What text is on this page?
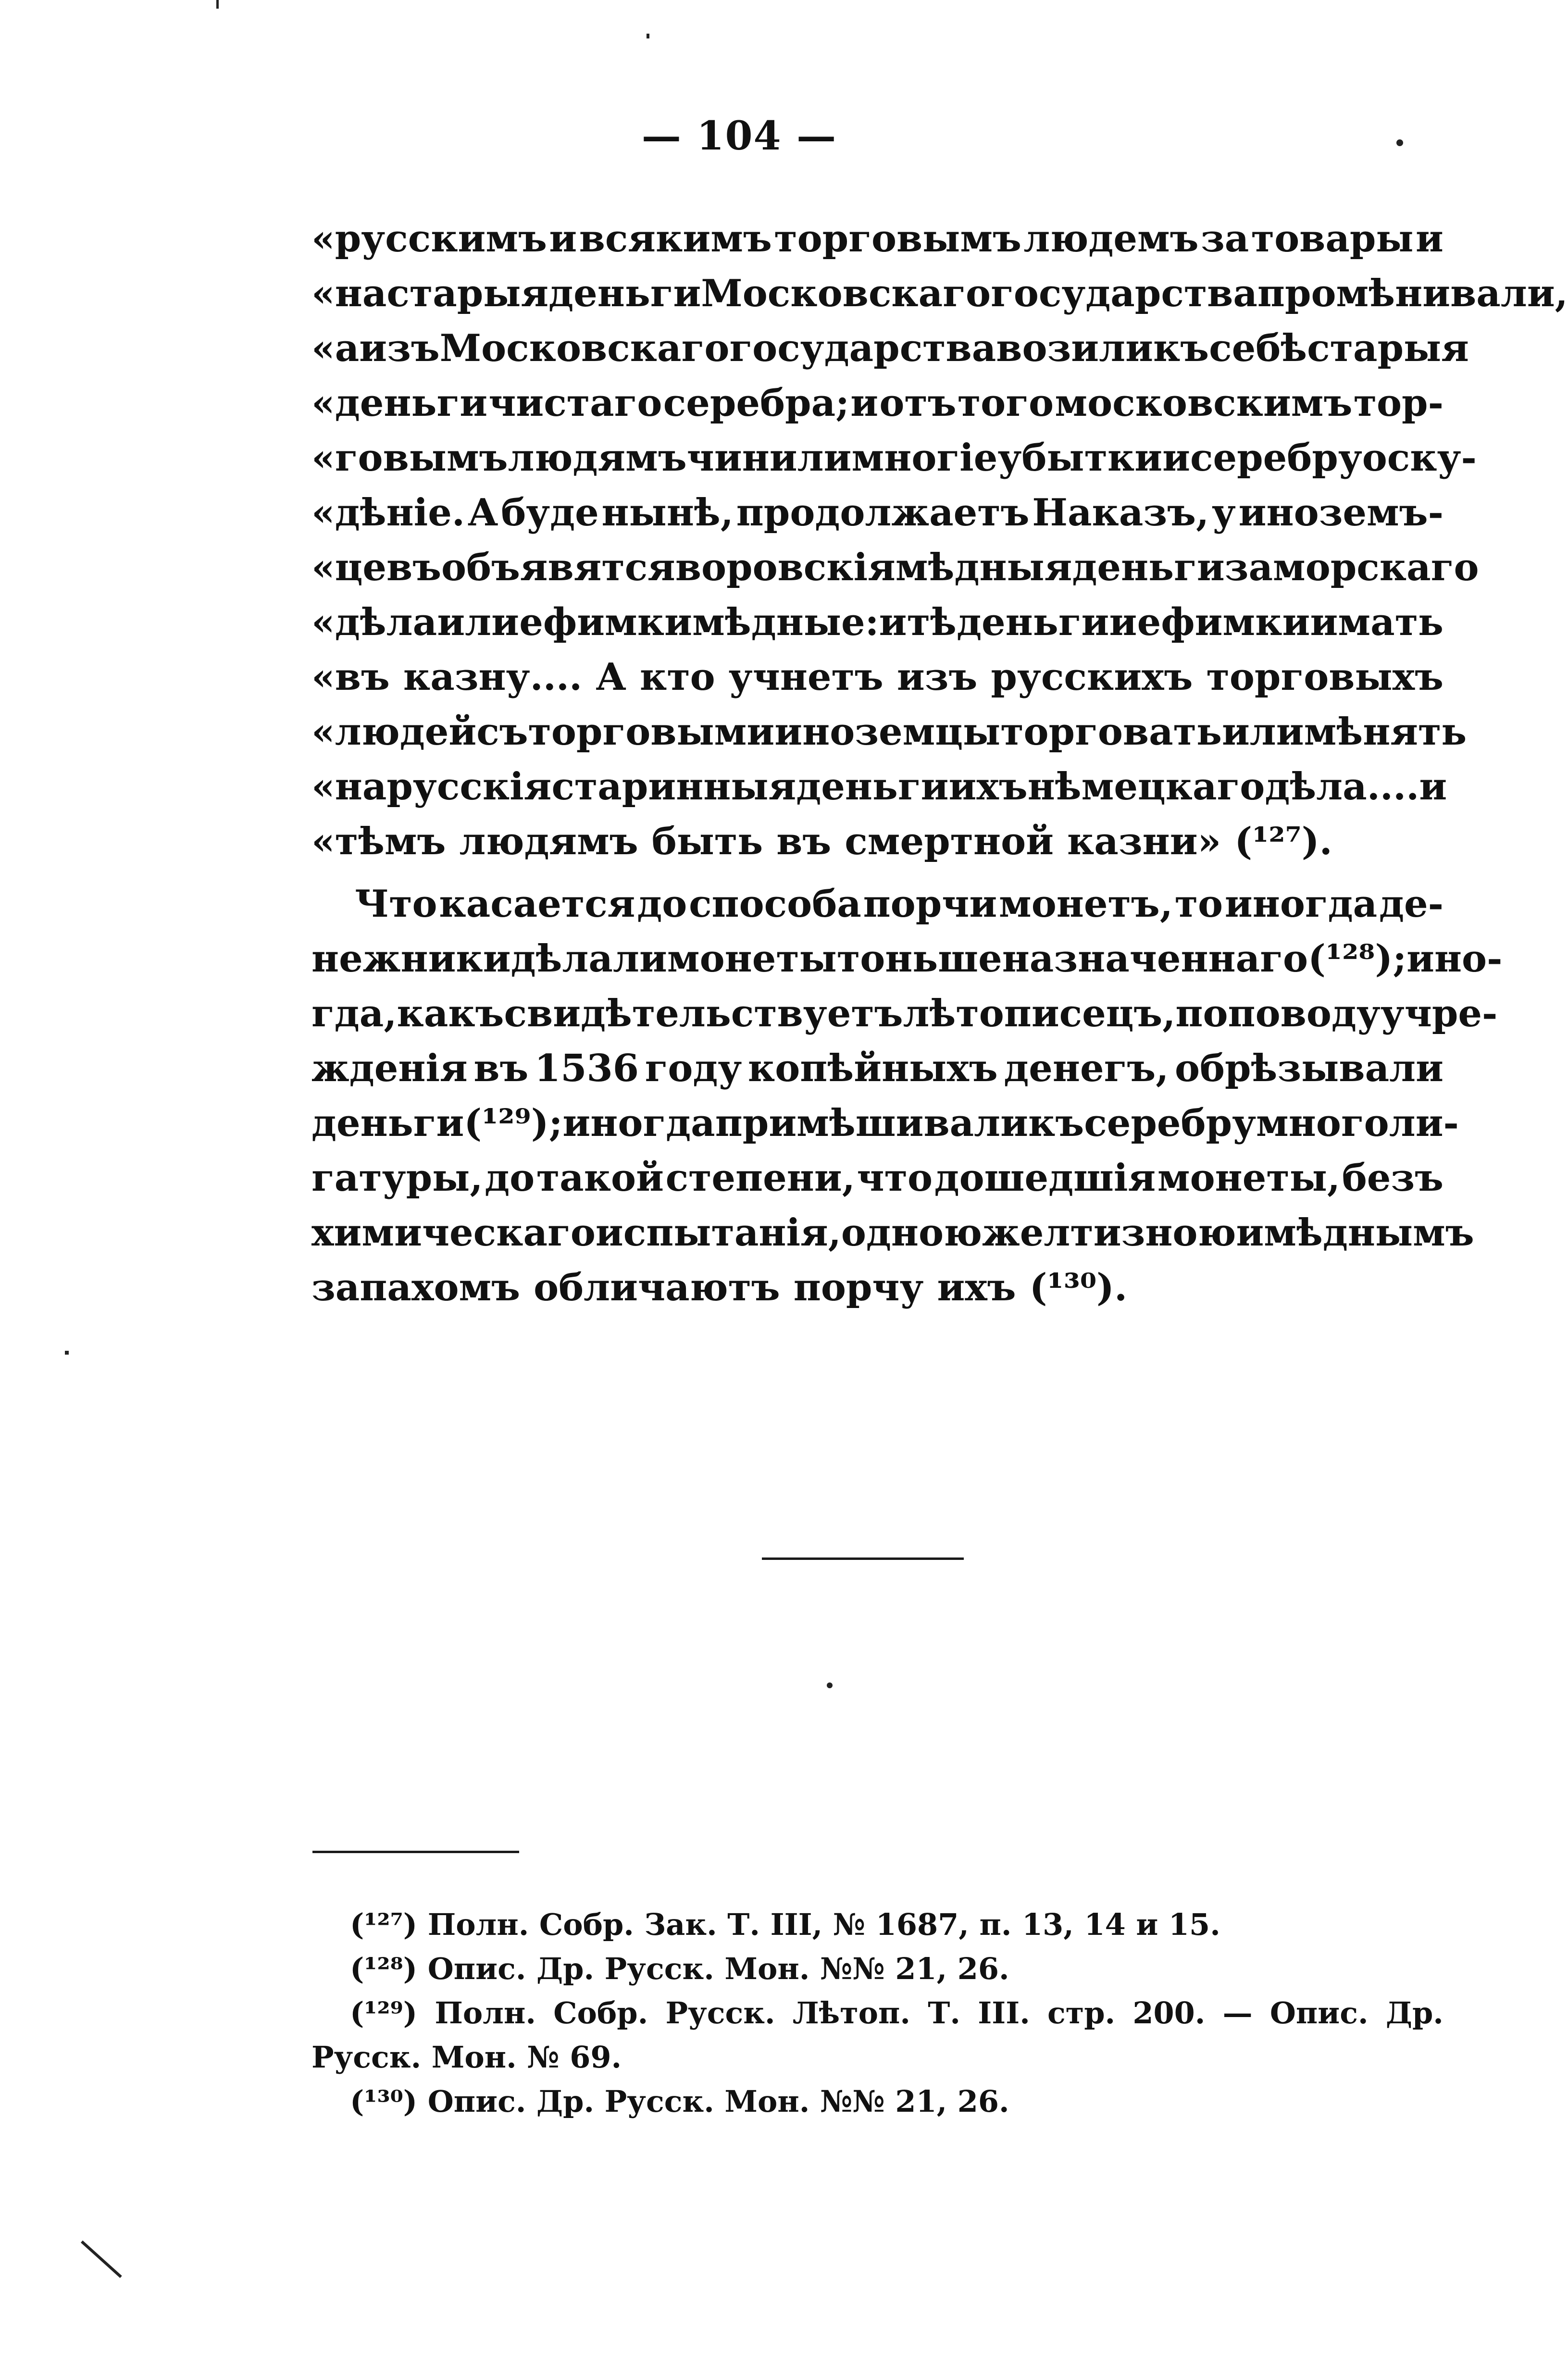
— 104 —
«русскимъ и всякимъ торговымъ людемъ за товары и
«на старыя деньги Московскаго государства промѣнивали,
«а изъ Московскаго государства возили къ себѣ старыя
«деньги чистаго серебра; и отъ того московскимъ тор-
«говымъ людямъ чинили многіе убытки и серебру оску-
«дѣніе. А буде нынѣ, продолжаетъ Наказъ, у иноземъ-
«цевъ объявятся воровскія мѣдныя деньги заморскаго
«дѣла или ефимки мѣдные: и тѣ деньги и ефимки имать
«въ казну.... А кто учнетъ изъ русскихъ торговыхъ
«людей съ торговыми иноземцы торговать или мѣнять
«на русскія старинныя деньги ихъ нѣмецкаго дѣла.... и
«тѣмъ людямъ быть въ смертной казни» (¹²⁷).
Что касается до способа порчи монетъ, то иногда де-
нежники дѣлали монеты тоньше назначеннаго (¹²⁸); ино-
гда, какъ свидѣтельствуетъ лѣтописецъ, по поводу учре-
жденія въ 1536 году копѣйныхъ денегъ, обрѣзывали
деньги (¹²⁹); иногда примѣшивали къ серебру много ли-
гатуры, до такой степени, что дошедшія монеты, безъ
химическаго испытанія, одною желтизною и мѣднымъ
запахомъ обличаютъ порчу ихъ (¹³⁰).
(¹²⁷) Полн. Собр. Зак. Т. III, № 1687, п. 13, 14 и 15.
(¹²⁸) Опис. Др. Русск. Мон. №№ 21, 26.
(¹²⁹) Полн. Собр. Русск. Лѣтоп. Т. III. стр. 200. — Опис. Др.
Русск. Мон. № 69.
(¹³⁰) Опис. Др. Русск. Мон. №№ 21, 26.
